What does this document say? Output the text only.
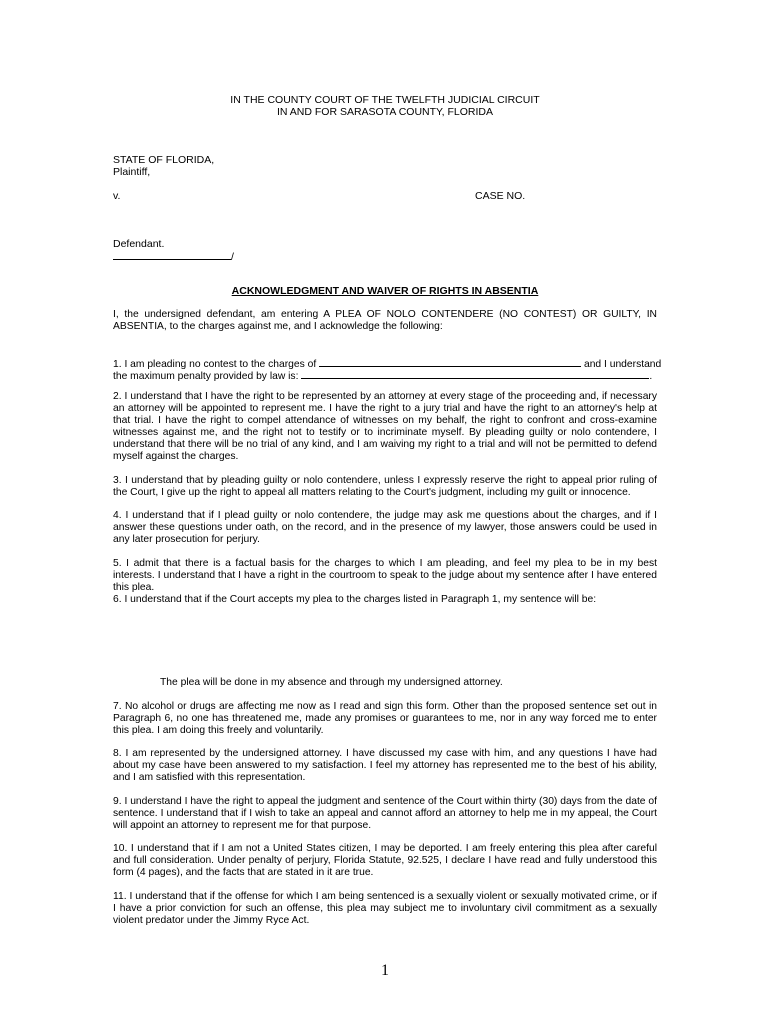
IN THE COUNTY COURT OF THE TWELFTH JUDICIAL CIRCUIT
IN AND FOR SARASOTA COUNTY, FLORIDA
STATE OF FLORIDA,
Plaintiff,
v.	CASE NO.
Defendant.
/
ACKNOWLEDGMENT AND WAIVER OF RIGHTS IN ABSENTIA
I, the undersigned defendant, am entering A PLEA OF NOLO CONTENDERE (NO CONTEST) OR GUILTY, IN ABSENTIA, to the charges against me, and I acknowledge the following:
1. I am pleading no contest to the charges of	and I understand
the maximum penalty provided by law is:	.
2. I understand that I have the right to be represented by an attorney at every stage of the proceeding and, if necessary an attorney will be appointed to represent me. I have the right to a jury trial and have the right to an attorney's help at that trial. I have the right to compel attendance of witnesses on my behalf, the right to confront and cross-examine witnesses against me, and the right not to testify or to incriminate myself. By pleading guilty or nolo contendere, I understand that there will be no trial of any kind, and I am waiving my right to a trial and will not be permitted to defend myself against the charges.
3. I understand that by pleading guilty or nolo contendere, unless I expressly reserve the right to appeal prior ruling of the Court, I give up the right to appeal all matters relating to the Court's judgment, including my guilt or innocence.
4. I understand that if I plead guilty or nolo contendere, the judge may ask me questions about the charges, and if I answer these questions under oath, on the record, and in the presence of my lawyer, those answers could be used in any later prosecution for perjury.
5. I admit that there is a factual basis for the charges to which I am pleading, and feel my plea to be in my best interests. I understand that I have a right in the courtroom to speak to the judge about my sentence after I have entered this plea.
6. I understand that if the Court accepts my plea to the charges listed in Paragraph 1, my sentence will be:
The plea will be done in my absence and through my undersigned attorney.
7. No alcohol or drugs are affecting me now as I read and sign this form. Other than the proposed sentence set out in Paragraph 6, no one has threatened me, made any promises or guarantees to me, nor in any way forced me to enter this plea. I am doing this freely and voluntarily.
8. I am represented by the undersigned attorney. I have discussed my case with him, and any questions I have had about my case have been answered to my satisfaction. I feel my attorney has represented me to the best of his ability, and I am satisfied with this representation.
9. I understand I have the right to appeal the judgment and sentence of the Court within thirty (30) days from the date of sentence. I understand that if I wish to take an appeal and cannot afford an attorney to help me in my appeal, the Court will appoint an attorney to represent me for that purpose.
10. I understand that if I am not a United States citizen, I may be deported. I am freely entering this plea after careful and full consideration. Under penalty of perjury, Florida Statute, 92.525, I declare I have read and fully understood this form (4 pages), and the facts that are stated in it are true.
11. I understand that if the offense for which I am being sentenced is a sexually violent or sexually motivated crime, or if I have a prior conviction for such an offense, this plea may subject me to involuntary civil commitment as a sexually violent predator under the Jimmy Ryce Act.
1
